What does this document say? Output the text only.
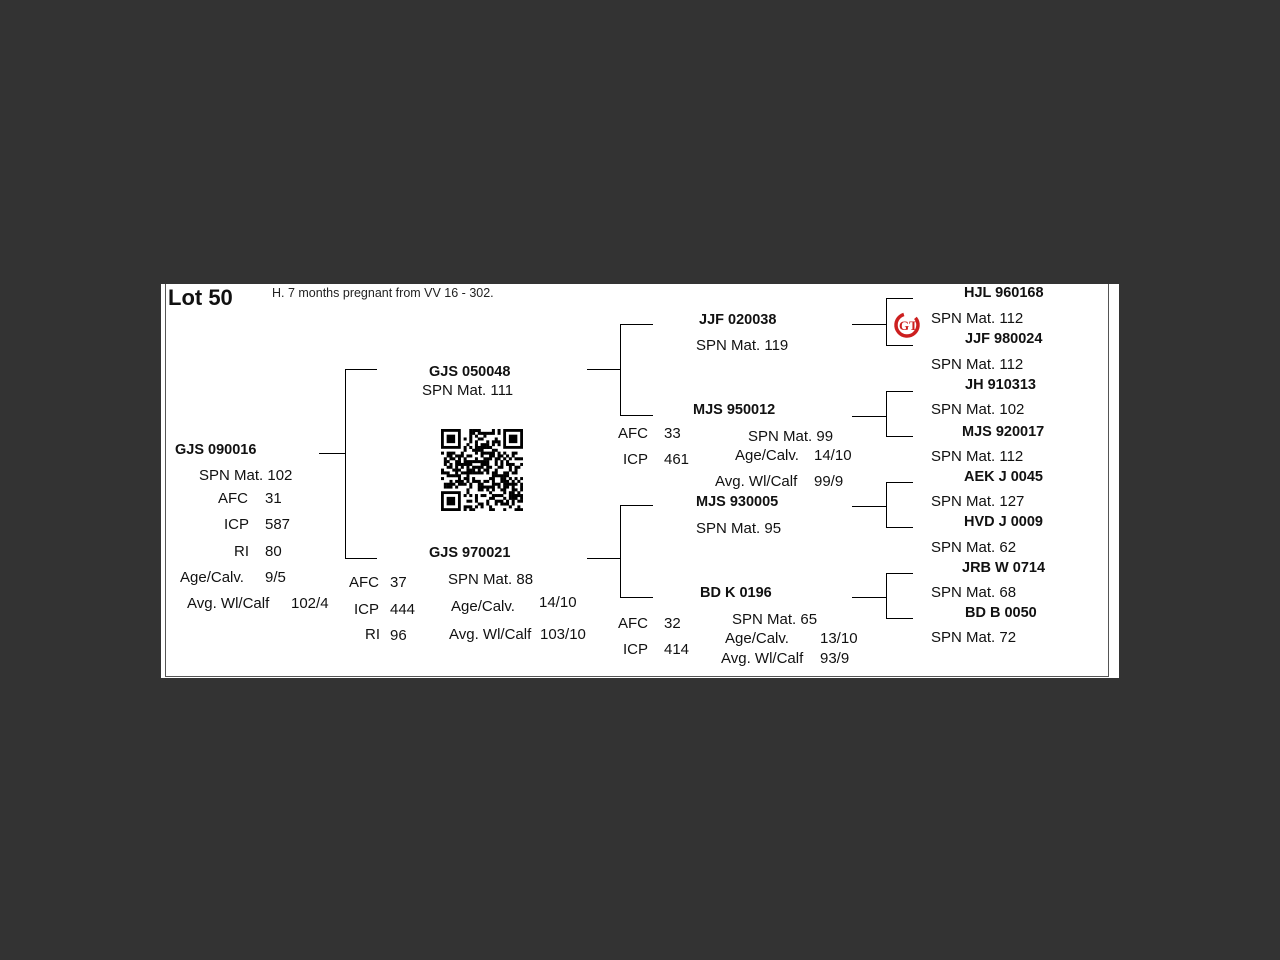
Lot 50	H. 7 months pregnant from VV 16 - 302.
GJS 090016
SPN Mat. 102
AFC 31
ICP 587
RI 80
Age/Calv. 9/5
Avg. Wl/Calf 102/4
GJS 050048
SPN Mat. 111
GJS 970021
SPN Mat. 88
AFC 37
ICP 444
RI 96
Age/Calv. 14/10
Avg. Wl/Calf 103/10
JJF 020038
SPN Mat. 119
MJS 950012
SPN Mat. 99
AFC 33
ICP 461	Age/Calv. 14/10
Avg. Wl/Calf 99/9
MJS 930005
SPN Mat. 95
BD K 0196
SPN Mat. 65
AFC 32
ICP 414
Age/Calv. 13/10
Avg. Wl/Calf 93/9
GT
HJL 960168
SPN Mat. 112
JJF 980024
SPN Mat. 112
JH 910313
SPN Mat. 102
MJS 920017
SPN Mat. 112
AEK J 0045
SPN Mat. 127
HVD J 0009
SPN Mat. 62
JRB W 0714
SPN Mat. 68
BD B 0050
SPN Mat. 72
